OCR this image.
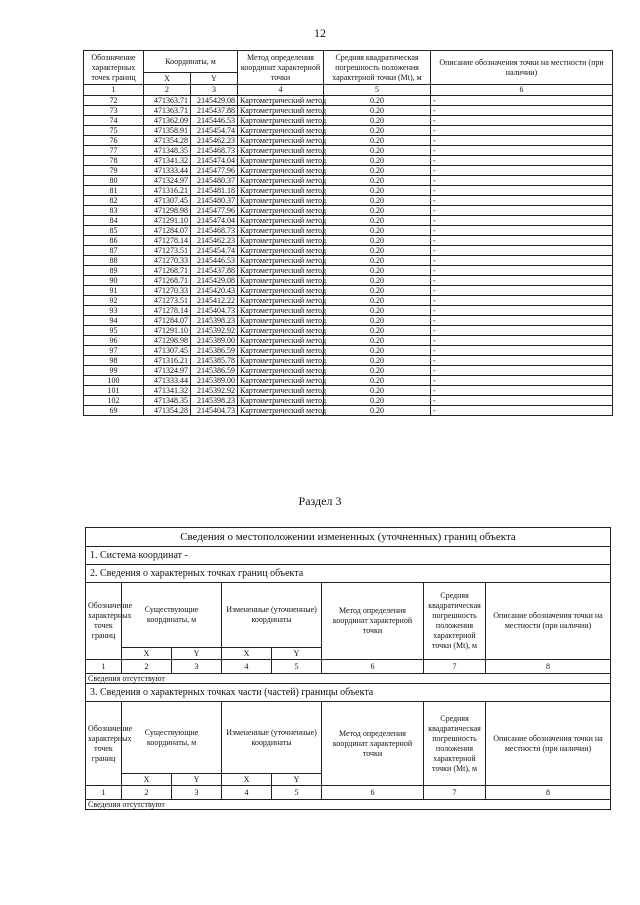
12
Обозначение характерных точек границ	Координаты, м		Метод определения координат характерной точки	Средняя квадратическая погрешность положения характерной точки (Mt), м	Описание обозначения точки на местности (при наличии)
	X	Y			
1	2	3	4	5	6
72	471363.71	2145429.08	Картометрический метод	0.20	-
73	471363.71	2145437.88	Картометрический метод	0.20	-
74	471362.09	2145446.53	Картометрический метод	0.20	-
75	471358.91	2145454.74	Картометрический метод	0.20	-
76	471354.28	2145462.23	Картометрический метод	0.20	-
77	471348.35	2145468.73	Картометрический метод	0.20	-
78	471341.32	2145474.04	Картометрический метод	0.20	-
79	471333.44	2145477.96	Картометрический метод	0.20	-
80	471324.97	2145480.37	Картометрический метод	0.20	-
81	471316.21	2145481.18	Картометрический метод	0.20	-
82	471307.45	2145480.37	Картометрический метод	0.20	-
83	471298.98	2145477.96	Картометрический метод	0.20	-
84	471291.10	2145474.04	Картометрический метод	0.20	-
85	471284.07	2145468.73	Картометрический метод	0.20	-
86	471278.14	2145462.23	Картометрический метод	0.20	-
87	471273.51	2145454.74	Картометрический метод	0.20	-
88	471270.33	2145446.53	Картометрический метод	0.20	-
89	471268.71	2145437.88	Картометрический метод	0.20	-
90	471268.71	2145429.08	Картометрический метод	0.20	-
91	471270.33	2145420.43	Картометрический метод	0.20	-
92	471273.51	2145412.22	Картометрический метод	0.20	-
93	471278.14	2145404.73	Картометрический метод	0.20	-
94	471284.07	2145398.23	Картометрический метод	0.20	-
95	471291.10	2145392.92	Картометрический метод	0.20	-
96	471298.98	2145389.00	Картометрический метод	0.20	-
97	471307.45	2145386.59	Картометрический метод	0.20	-
98	471316.21	2145385.78	Картометрический метод	0.20	-
99	471324.97	2145386.59	Картометрический метод	0.20	-
100	471333.44	2145389.00	Картометрический метод	0.20	-
101	471341.32	2145392.92	Картометрический метод	0.20	-
102	471348.35	2145398.23	Картометрический метод	0.20	-
69	471354.28	2145404.73	Картометрический метод	0.20	-
Раздел 3
Сведения о местоположении измененных (уточненных) границ объекта							
1. Система координат -							
2. Сведения о характерных точках границ объекта							
Обозначение характерных точек границ	Существующие координаты, м		Измененные (уточненные) координаты		Метод определения координат характерной точки	Средняя квадратическая погрешность положения характерной точки (Mt), м	Описание обозначения точки на местности (при наличии)
	X	Y	X	Y			
1	2	3	4	5	6	7	8
Сведения отсутствуют							
3. Сведения о характерных точках части (частей) границы объекта							
Обозначение характерных точек границ	Существующие координаты, м		Измененные (уточненные) координаты		Метод определения координат характерной точки	Средняя квадратическая погрешность положения характерной точки (Mt), м	Описание обозначения точки на местности (при наличии)
	X	Y	X	Y			
1	2	3	4	5	6	7	8
Сведения отсутствуют							
